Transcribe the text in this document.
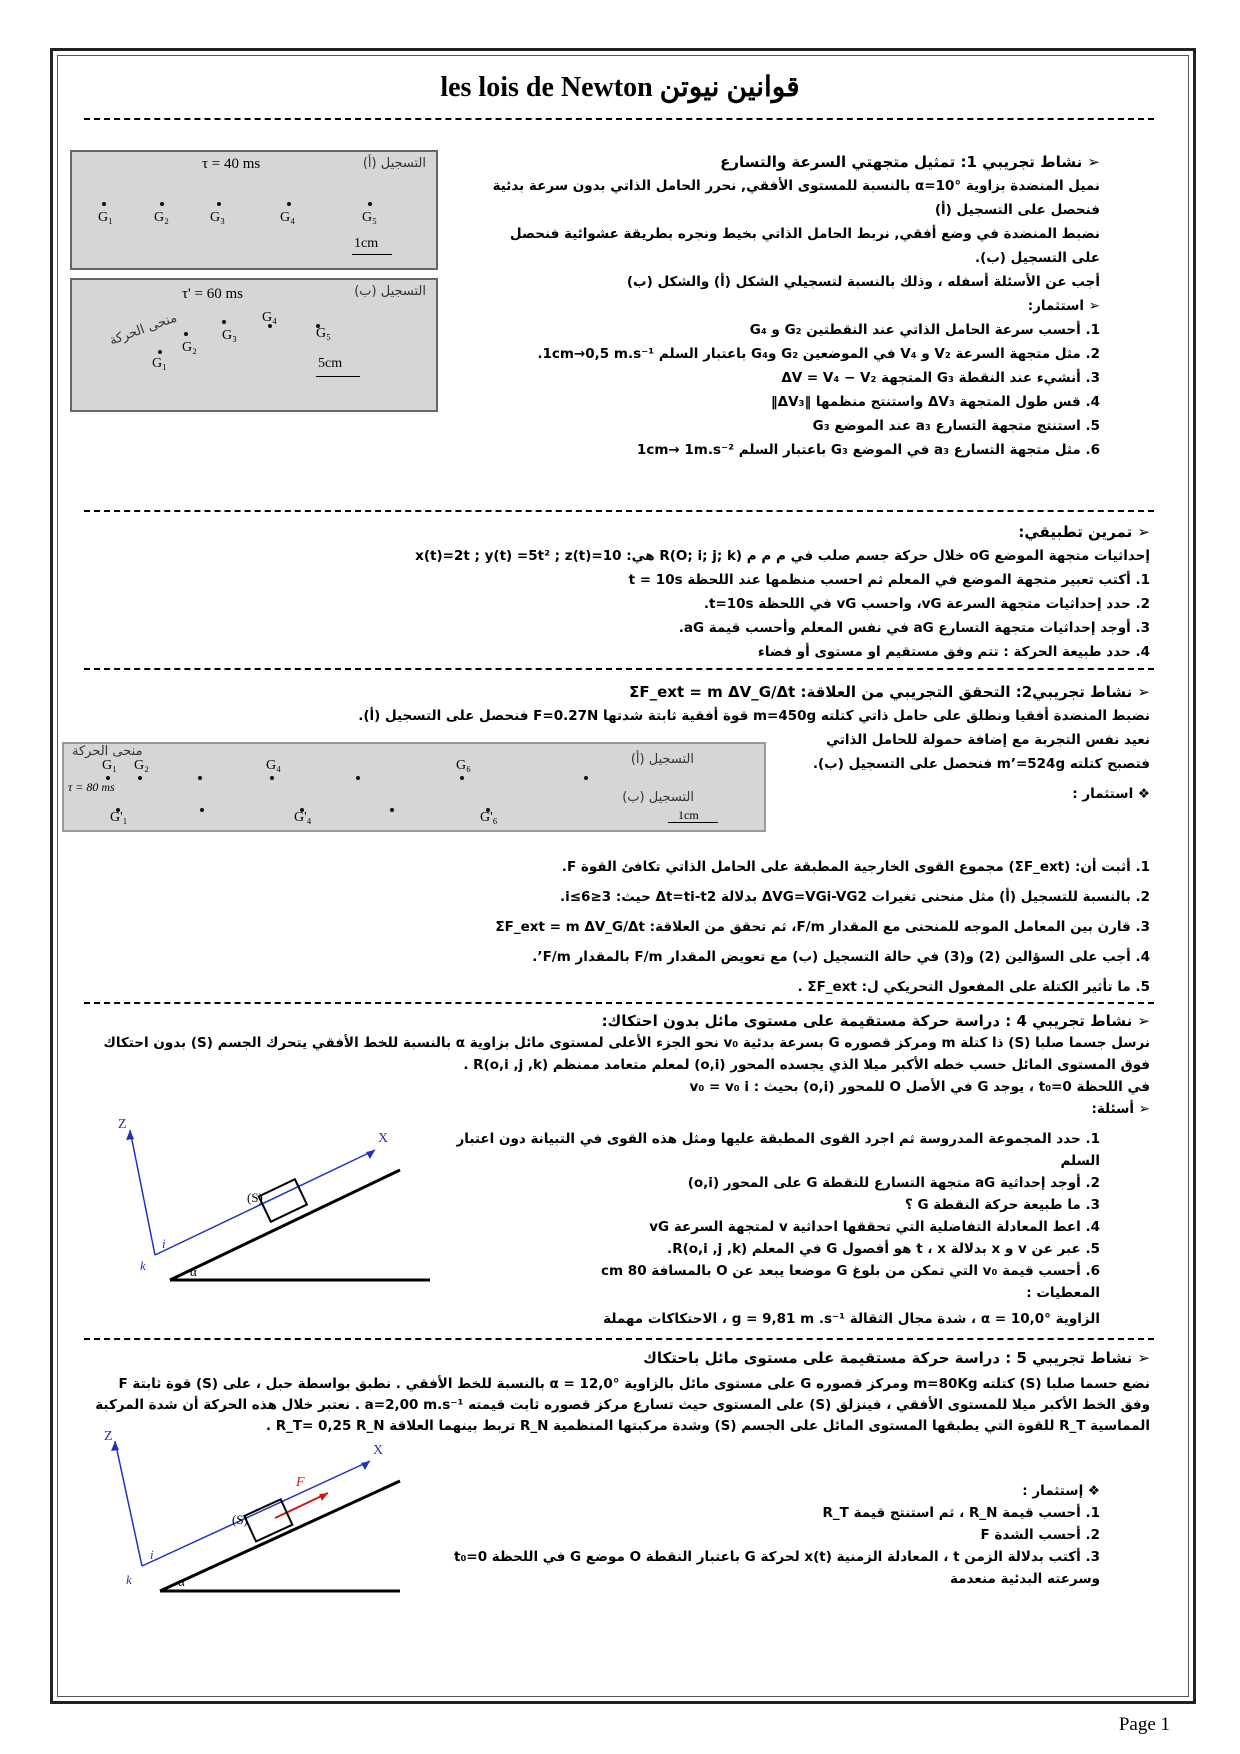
les lois de Newton قوانين نيوتن
التسجيل (أ)
τ = 40 ms
G₁	G₂	G₃	G₄	G₅
1cm
التسجيل (ب)
τ' = 60 ms
منحى الحركة
G₁
G₂
G₃
G₄
G₅
5cm
➢ نشاط تجريبي 1: تمثيل متجهتي السرعة والتسارع
نميل المنضدة بزاوية α=10° بالنسبة للمستوى الأفقي, نحرر الحامل الذاتي بدون سرعة بدئية فنحصل على التسجيل (أ)
نضبط المنضدة في وضع أفقي, نربط الحامل الذاتي بخيط ونجره بطريقة عشوائية فنحصل على التسجيل (ب).
أجب عن الأسئلة أسفله ، وذلك بالنسبة لتسجيلي الشكل (أ) والشكل (ب)
➢ استثمار:
1. أحسب سرعة الحامل الذاتي عند النقطتين G₂ و G₄
2. مثل متجهة السرعة V₂ و V₄ في الموضعين G₂ وG₄ باعتبار السلم 1cm→0,5 m.s⁻¹.
3. أنشيء عند النقطة G₃ المتجهة ΔV = V₄ − V₂
4. قس طول المتجهة ΔV₃ واستنتج منظمها ‖ΔV₃‖
5. استنتج متجهة التسارع a₃ عند الموضع G₃
6. مثل متجهة التسارع a₃ في الموضع G₃ باعتبار السلم 1cm→ 1m.s⁻²
➢ تمرين تطبيقي:
إحداثيات متجهة الموضع oG خلال حركة جسم صلب في م م م R(O; i; j; k) هي: x(t)=2t ; y(t) =5t² ; z(t)=10
1. أكتب تعبير متجهة الموضع في المعلم ثم احسب منظمها عند اللحظة t = 10s
2. حدد إحداثيات متجهة السرعة vG، واحسب vG في اللحظة t=10s.
3. أوجد إحداثيات متجهة التسارع aG في نفس المعلم وأحسب قيمة aG.
4. حدد طبيعة الحركة : تتم وفق مستقيم او مستوى أو فضاء
➢ نشاط تجريبي2: التحقق التجريبي من العلاقة: ΣF_ext = m ΔV_G/Δt
نضبط المنضدة أفقيا ونطلق على حامل ذاتي كتلته m=450g قوة أفقية ثابتة شدتها F=0.27N فنحصل على التسجيل (أ).
نعيد نفس التجربة مع إضافة حمولة للحامل الذاتي
فتصبح كتلته m’=524g فنحصل على التسجيل (ب).
❖ استثمار :
منحى الحركة
τ = 80 ms
التسجيل (أ)
التسجيل (ب)
G₁ G₂	G₄	G₆
G'₁	G'₄	G'₆	1cm
1. أثبت أن: (ΣF_ext) مجموع القوى الخارجية المطبقة على الحامل الذاتي تكافئ القوة F.
2. بالنسبة للتسجيل (أ) مثل منحنى تغيرات ΔVG=VGi-VG2 بدلالة Δt=ti-t2 حيث: 3≤i≤6.
3. قارن بين المعامل الموجه للمنحنى مع المقدار F/m، ثم تحقق من العلاقة: ΣF_ext = m ΔV_G/Δt
4. أجب على السؤالين (2) و(3) في حالة التسجيل (ب) مع تعويض المقدار F/m بالمقدار F/m’.
5. ما تأثير الكتلة على المفعول التحريكي ل: ΣF_ext .
➢ نشاط تجريبي 4 : دراسة حركة مستقيمة على مستوى مائل بدون احتكاك:
نرسل جسما صلبا (S) ذا كتلة m ومركز قصوره G بسرعة بدئية v₀ نحو الجزء الأعلى لمستوى مائل بزاوية α بالنسبة للخط الأفقي يتحرك الجسم (S) بدون احتكاك فوق المستوى المائل حسب خطه الأكبر ميلا الذي يجسده المحور (o,i) لمعلم متعامد ممنظم R(o,i ,j ,k) .
في اللحظة t₀=0 ، يوجد G في الأصل O للمحور (o,i) بحيث : v₀ = v₀ i
➢ أسئلة:
X
Z
(S)
i
k	α
1. حدد المجموعة المدروسة ثم اجرد القوى المطبقة عليها ومثل هذه القوى في التبيانة دون اعتبار السلم
2. أوجد إحداثية aG متجهة التسارع للنقطة G على المحور (o,i)
3. ما طبيعة حركة النقطة G ؟
4. اعط المعادلة التفاضلية التي تحققها احداثية v لمتجهة السرعة vG
5. عبر عن v و x بدلالة t ، x هو أفصول G في المعلم R(o,i ,j ,k).
6. أحسب قيمة v₀ التي تمكن من بلوغ G موضعا يبعد عن O بالمسافة 80 cm
المعطيات :
الزاوية α = 10,0° ، شدة مجال الثقالة g = 9,81 m .s⁻¹ ، الاحتكاكات مهملة
➢ نشاط تجريبي 5 : دراسة حركة مستقيمة على مستوى مائل باحتكاك
X
Z
(S)
F
i
k	α
نضع حسما صلبا (S) كتلته m=80Kg ومركز قصوره G على مستوى مائل بالزاوية α = 12,0° بالنسبة للخط الأفقي . نطبق بواسطة حبل ، على (S) قوة ثابتة F وفق الخط الأكبر ميلا للمستوى الأفقي ، فينزلق (S) على المستوى حيث تسارع مركز قصوره ثابت قيمته a=2,00 m.s⁻¹ . نعتبر خلال هذه الحركة أن شدة المركبة المماسية R_T للقوة التي يطبقها المستوى المائل على الجسم (S) وشدة مركبتها المنظمية R_N تربط بينهما العلاقة R_T= 0,25 R_N .
❖ إستثمار :
1. أحسب قيمة R_N ، ثم استنتج قيمة R_T
2. أحسب الشدة F
3. أكتب بدلالة الزمن t ، المعادلة الزمنية x(t) لحركة G باعتبار النقطة O موضع G في اللحظة t₀=0 وسرعته البدئية منعدمة
Page 1
